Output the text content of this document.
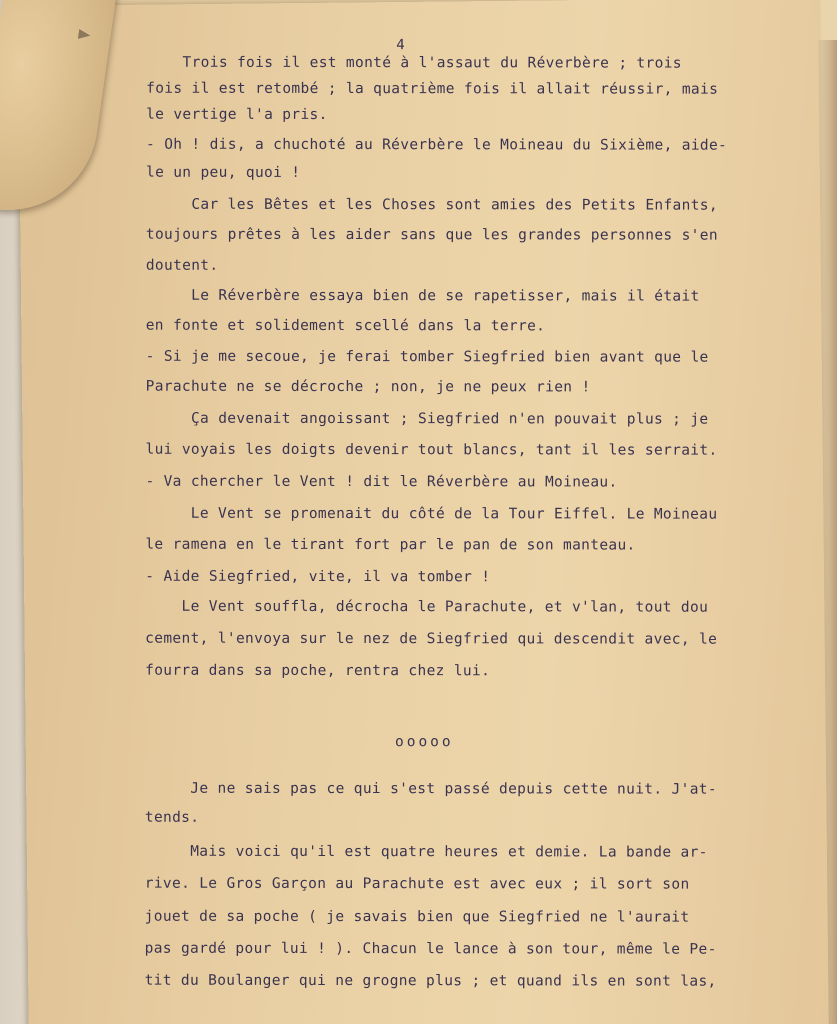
4
Trois fois il est monté à l'assaut du Réverbère ; trois
fois il est retombé ; la quatrième fois il allait réussir, mais
le vertige l'a pris.
- Oh ! dis, a chuchoté au Réverbère le Moineau du Sixième, aide-
le un peu, quoi !
Car les Bêtes et les Choses sont amies des Petits Enfants,
toujours prêtes à les aider sans que les grandes personnes s'en
doutent.
Le Réverbère essaya bien de se rapetisser, mais il était
en fonte et solidement scellé dans la terre.
- Si je me secoue, je ferai tomber Siegfried bien avant que le
Parachute ne se décroche ; non, je ne peux rien !
Ça devenait angoissant ; Siegfried n'en pouvait plus ; je
lui voyais les doigts devenir tout blancs, tant il les serrait.
- Va chercher le Vent ! dit le Réverbère au Moineau.
Le Vent se promenait du côté de la Tour Eiffel. Le Moineau
le ramena en le tirant fort par le pan de son manteau.
- Aide Siegfried, vite, il va tomber !
Le Vent souffla, décrocha le Parachute, et v'lan, tout dou
cement, l'envoya sur le nez de Siegfried qui descendit avec, le
fourra dans sa poche, rentra chez lui.
ooooo
Je ne sais pas ce qui s'est passé depuis cette nuit. J'at-
tends.
Mais voici qu'il est quatre heures et demie. La bande ar-
rive. Le Gros Garçon au Parachute est avec eux ; il sort son
jouet de sa poche ( je savais bien que Siegfried ne l'aurait
pas gardé pour lui ! ). Chacun le lance à son tour, même le Pe-
tit du Boulanger qui ne grogne plus ; et quand ils en sont las,
